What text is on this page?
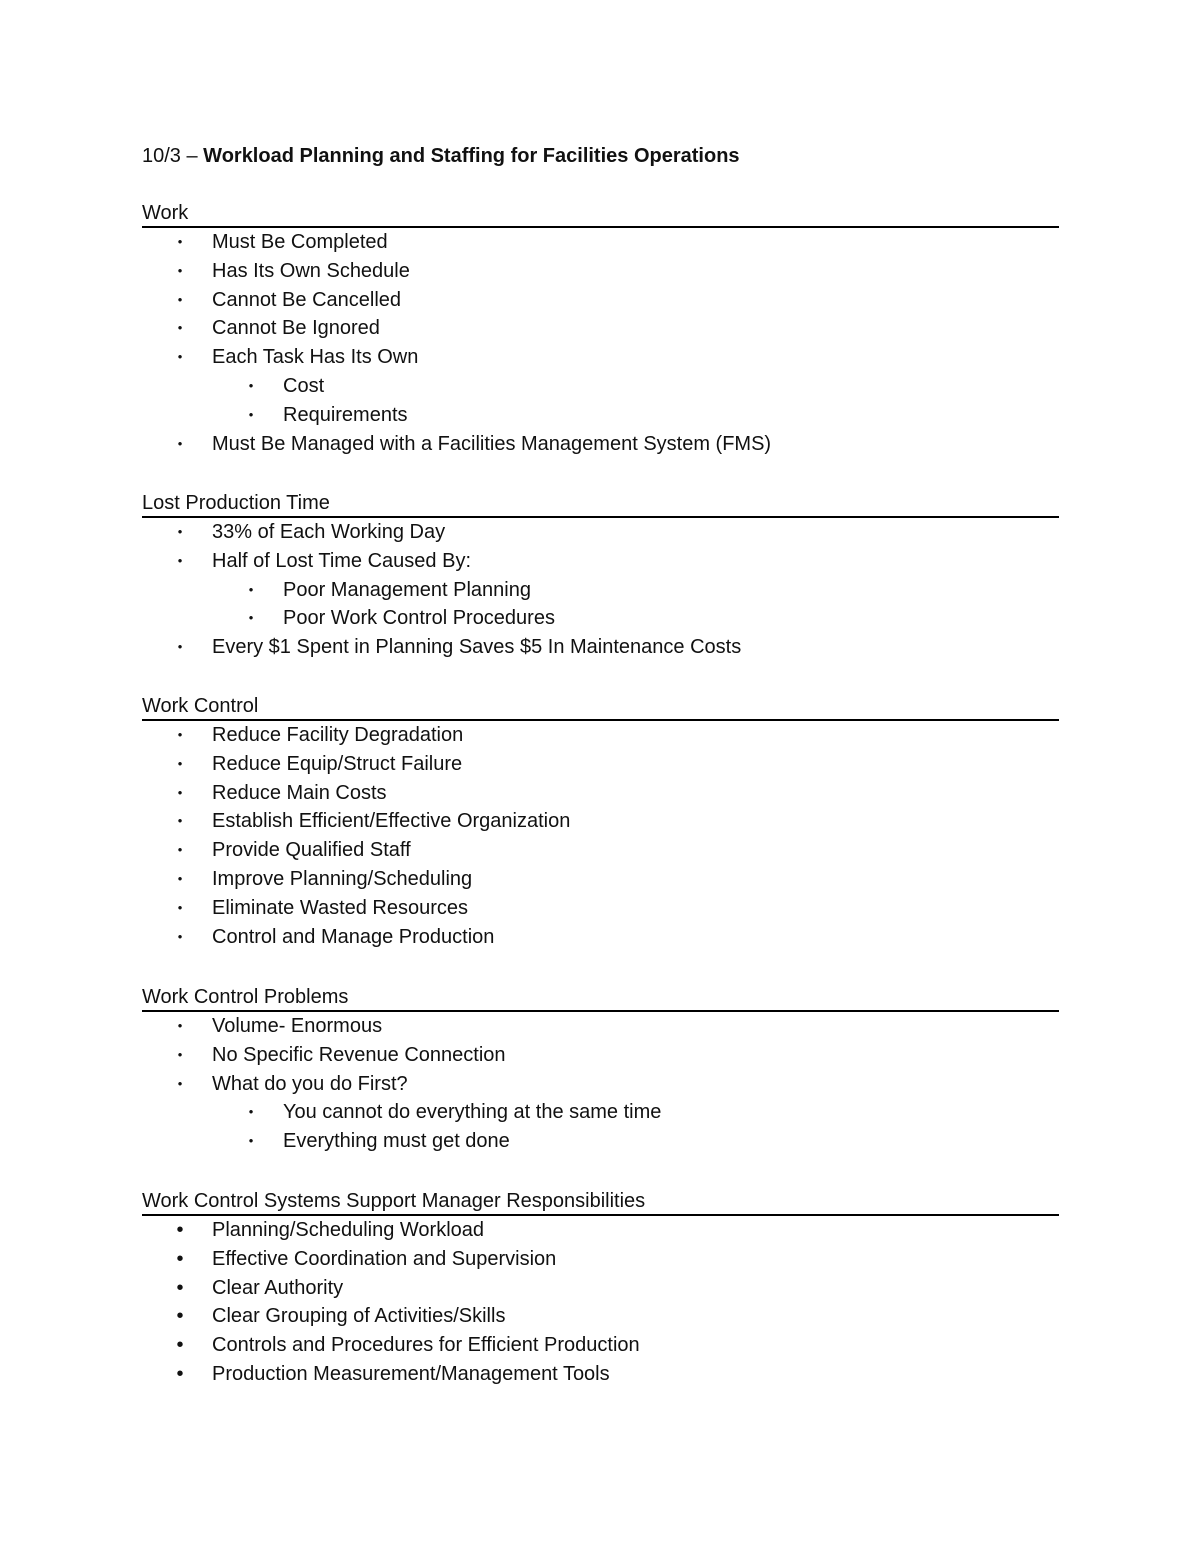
10/3 – Workload Planning and Staffing for Facilities Operations
Work
•	Must Be Completed
•	Has Its Own Schedule
•	Cannot Be Cancelled
•	Cannot Be Ignored
•	Each Task Has Its Own
•	Cost
•	Requirements
•	Must Be Managed with a Facilities Management System (FMS)
Lost Production Time
•	33% of Each Working Day
•	Half of Lost Time Caused By:
•	Poor Management Planning
•	Poor Work Control Procedures
•	Every $1 Spent in Planning Saves $5 In Maintenance Costs
Work Control
•	Reduce Facility Degradation
•	Reduce Equip/Struct Failure
•	Reduce Main Costs
•	Establish Efficient/Effective Organization
•	Provide Qualified Staff
•	Improve Planning/Scheduling
•	Eliminate Wasted Resources
•	Control and Manage Production
Work Control Problems
•	Volume- Enormous
•	No Specific Revenue Connection
•	What do you do First?
•	You cannot do everything at the same time
•	Everything must get done
Work Control Systems Support Manager Responsibilities
•	Planning/Scheduling Workload
•	Effective Coordination and Supervision
•	Clear Authority
•	Clear Grouping of Activities/Skills
•	Controls and Procedures for Efficient Production
•	Production Measurement/Management Tools
